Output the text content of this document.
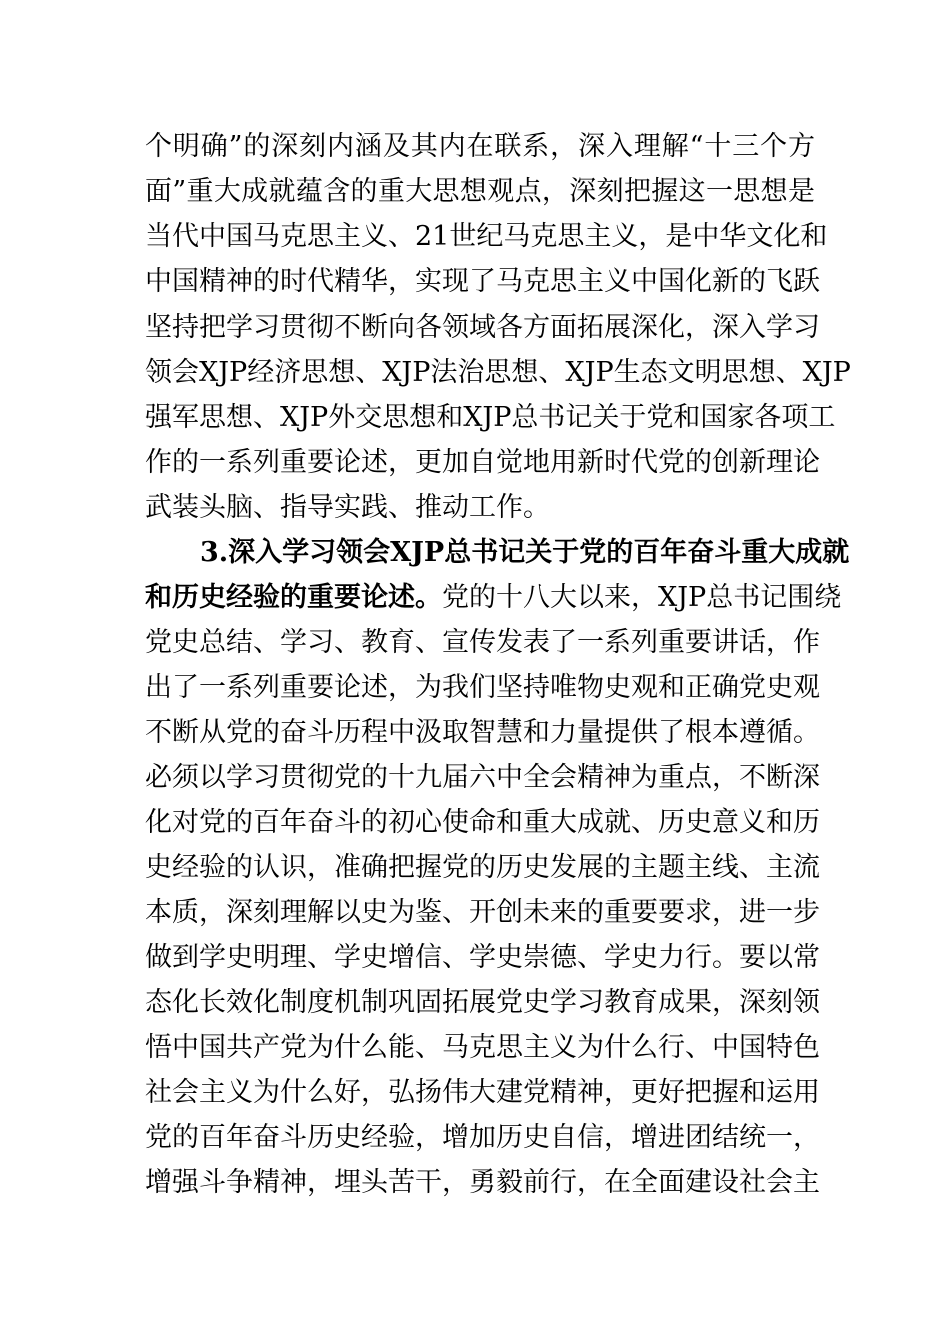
个明确”的深刻内涵及其内在联系，深入理解“十三个方
面”重大成就蕴含的重大思想观点，深刻把握这一思想是
当代中国马克思主义、21世纪马克思主义，是中华文化和
中国精神的时代精华，实现了马克思主义中国化新的飞跃
坚持把学习贯彻不断向各领域各方面拓展深化，深入学习
领会XJP经济思想、XJP法治思想、XJP生态文明思想、XJP
强军思想、XJP外交思想和XJP总书记关于党和国家各项工
作的一系列重要论述，更加自觉地用新时代党的创新理论
武装头脑、指导实践、推动工作。
3.深入学习领会XJP总书记关于党的百年奋斗重大成就
和历史经验的重要论述。党的十八大以来，XJP总书记围绕
党史总结、学习、教育、宣传发表了一系列重要讲话，作
出了一系列重要论述，为我们坚持唯物史观和正确党史观
不断从党的奋斗历程中汲取智慧和力量提供了根本遵循。
必须以学习贯彻党的十九届六中全会精神为重点，不断深
化对党的百年奋斗的初心使命和重大成就、历史意义和历
史经验的认识，准确把握党的历史发展的主题主线、主流
本质，深刻理解以史为鉴、开创未来的重要要求，进一步
做到学史明理、学史增信、学史崇德、学史力行。要以常
态化长效化制度机制巩固拓展党史学习教育成果，深刻领
悟中国共产党为什么能、马克思主义为什么行、中国特色
社会主义为什么好，弘扬伟大建党精神，更好把握和运用
党的百年奋斗历史经验，增加历史自信，增进团结统一，
增强斗争精神，埋头苦干，勇毅前行，在全面建设社会主
